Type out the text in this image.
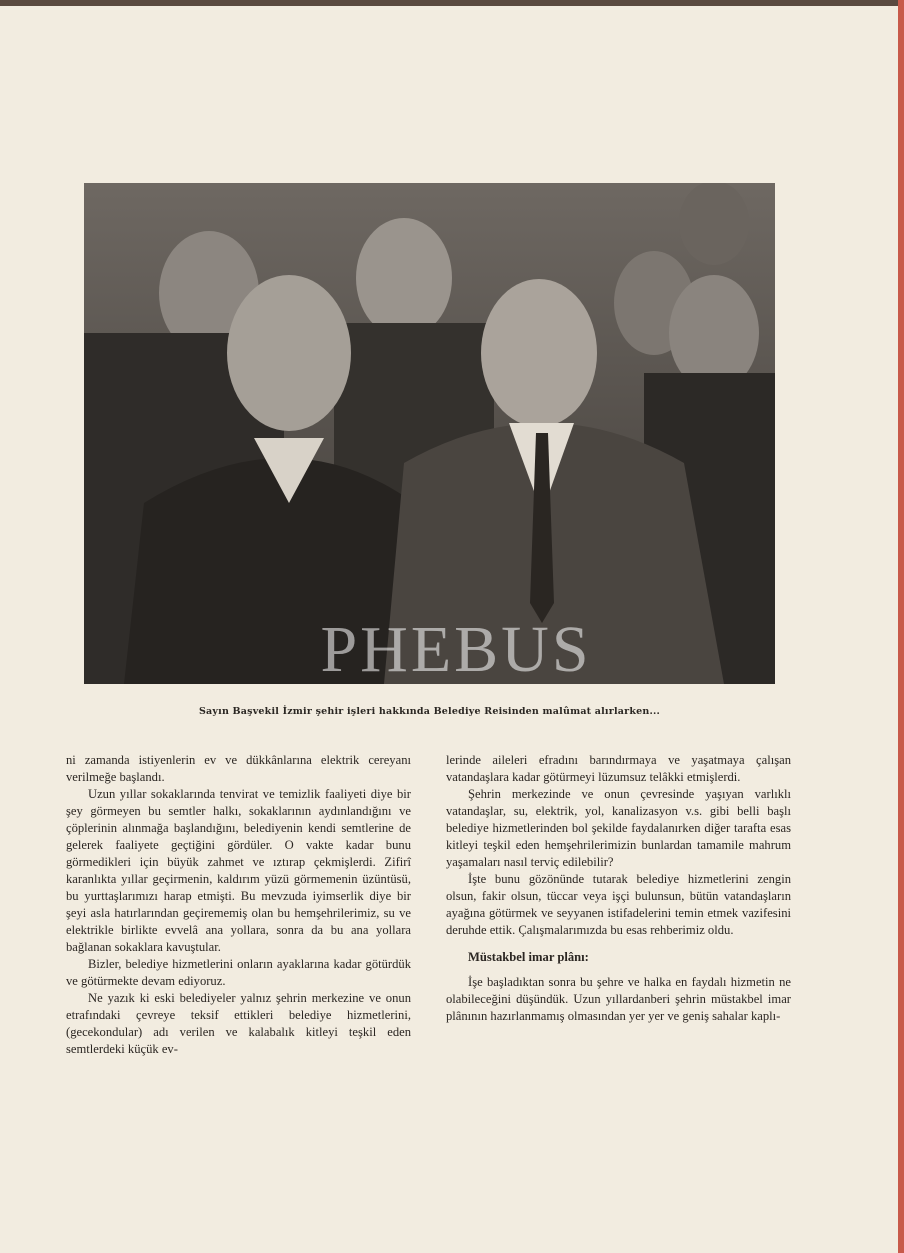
PHEBUS
Sayın Başvekil İzmir şehir işleri hakkında Belediye Reisinden malûmat alırlarken...

ni zamanda istiyenlerin ev ve dükkânlarına elektrik cereyanı verilmeğe başlandı.

Uzun yıllar sokaklarında tenvirat ve temizlik faaliyeti diye bir şey görmeyen bu semtler halkı, sokaklarının aydınlandığını ve çöplerinin alınmağa başlandığını, belediyenin kendi semtlerine de gelerek faaliyete geçtiğini gördüler. O vakte kadar bunu görmedikleri için büyük zahmet ve ıztırap çekmişlerdi. Zifirî karanlıkta yıllar geçirmenin, kaldırım yüzü görmemenin üzüntüsü, bu yurttaşlarımızı harap etmişti. Bu mevzuda iyimserlik diye bir şeyi asla hatırlarından geçirememiş olan bu hemşehrilerimiz, su ve elektrikle birlikte evvelâ ana yollara, sonra da bu ana yollara bağlanan sokaklara kavuştular.

Bizler, belediye hizmetlerini onların ayaklarına kadar götürdük ve götürmekte devam ediyoruz.

Ne yazık ki eski belediyeler yalnız şehrin merkezine ve onun etrafındaki çevreye teksif ettikleri belediye hizmetlerini, (gecekondular) adı verilen ve kalabalık kitleyi teşkil eden semtlerdeki küçük ev-

lerinde aileleri efradını barındırmaya ve yaşatmaya çalışan vatandaşlara kadar götürmeyi lüzumsuz telâkki etmişlerdi.

Şehrin merkezinde ve onun çevresinde yaşıyan varlıklı vatandaşlar, su, elektrik, yol, kanalizasyon v.s. gibi belli başlı belediye hizmetlerinden bol şekilde faydalanırken diğer tarafta esas kitleyi teşkil eden hemşehrilerimizin bunlardan tamamile mahrum yaşamaları nasıl terviç edilebilir?

İşte bunu gözönünde tutarak belediye hizmetlerini zengin olsun, fakir olsun, tüccar veya işçi bulunsun, bütün vatandaşların ayağına götürmek ve seyyanen istifadelerini temin etmek vazifesini deruhde ettik. Çalışmalarımızda bu esas rehberimiz oldu.

Müstakbel imar plânı:

İşe başladıktan sonra bu şehre ve halka en faydalı hizmetin ne olabileceğini düşündük. Uzun yıllardanberi şehrin müstakbel imar plânının hazırlanmamış olmasından yer yer ve geniş sahalar kaplı-
